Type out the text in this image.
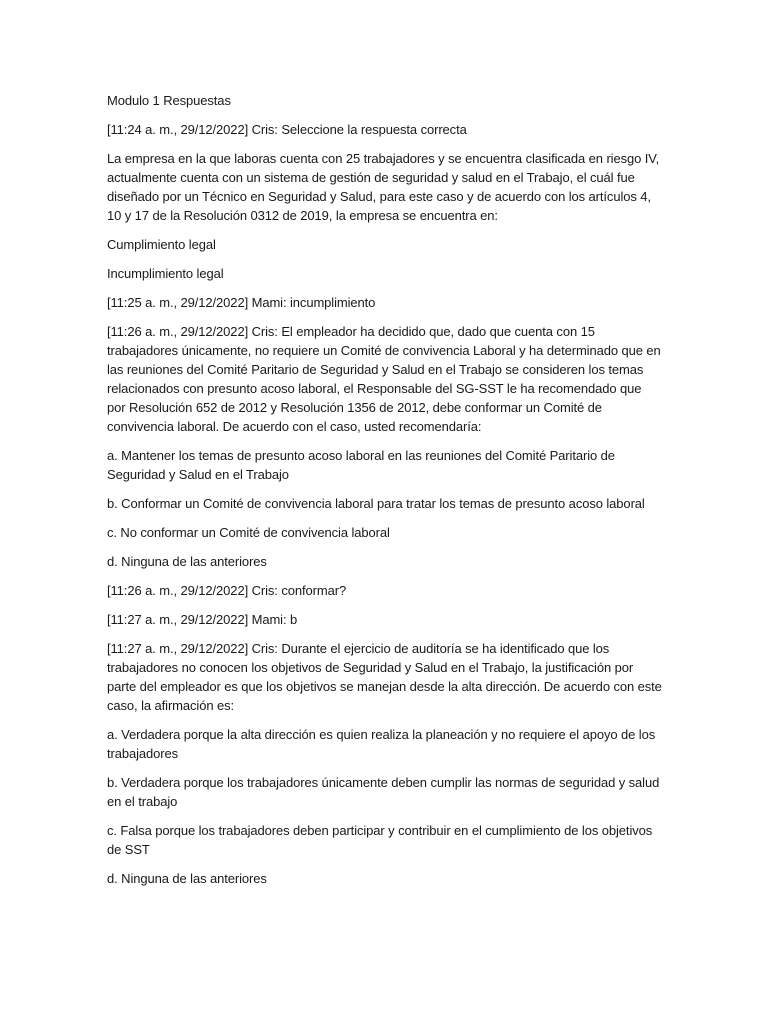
Modulo 1 Respuestas

[11:24 a. m., 29/12/2022] Cris: Seleccione la respuesta correcta

La empresa en la que laboras cuenta con 25 trabajadores y se encuentra clasificada en riesgo IV, actualmente cuenta con un sistema de gestión de seguridad y salud en el Trabajo, el cuál fue diseñado por un Técnico en Seguridad y Salud, para este caso y de acuerdo con los artículos 4, 10 y 17 de la Resolución 0312 de 2019, la empresa se encuentra en:

Cumplimiento legal

Incumplimiento legal

[11:25 a. m., 29/12/2022] Mami: incumplimiento

[11:26 a. m., 29/12/2022] Cris: El empleador ha decidido que, dado que cuenta con 15 trabajadores únicamente, no requiere un Comité de convivencia Laboral y ha determinado que en las reuniones del Comité Paritario de Seguridad y Salud en el Trabajo se consideren los temas relacionados con presunto acoso laboral, el Responsable del SG-SST le ha recomendado que por Resolución 652 de 2012 y Resolución 1356 de 2012, debe conformar un Comité de convivencia laboral. De acuerdo con el caso, usted recomendaría:

a. Mantener los temas de presunto acoso laboral en las reuniones del Comité Paritario de Seguridad y Salud en el Trabajo

b. Conformar un Comité de convivencia laboral para tratar los temas de presunto acoso laboral

c. No conformar un Comité de convivencia laboral

d. Ninguna de las anteriores

[11:26 a. m., 29/12/2022] Cris: conformar?

[11:27 a. m., 29/12/2022] Mami: b

[11:27 a. m., 29/12/2022] Cris: Durante el ejercicio de auditoría se ha identificado que los trabajadores no conocen los objetivos de Seguridad y Salud en el Trabajo, la justificación por parte del empleador es que los objetivos se manejan desde la alta dirección. De acuerdo con este caso, la afirmación es:

a. Verdadera porque la alta dirección es quien realiza la planeación y no requiere el apoyo de los trabajadores

b. Verdadera porque los trabajadores únicamente deben cumplir las normas de seguridad y salud en el trabajo

c. Falsa porque los trabajadores deben participar y contribuir en el cumplimiento de los objetivos de SST

d. Ninguna de las anteriores
